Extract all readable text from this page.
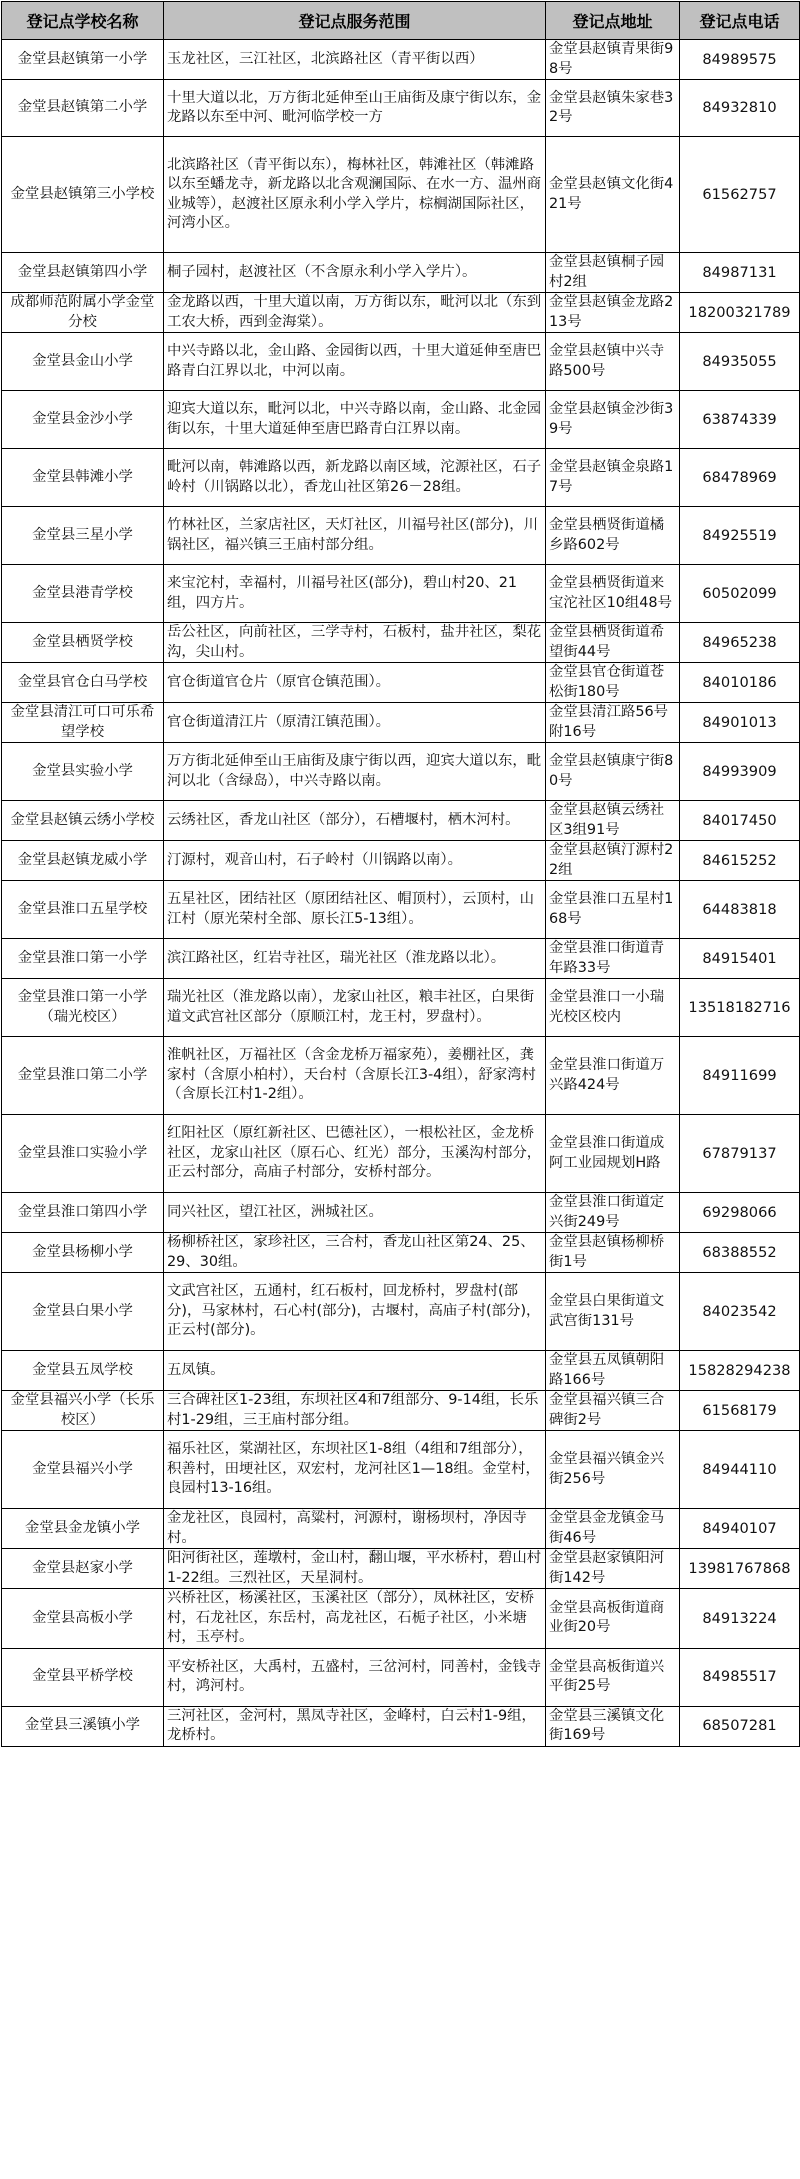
登记点学校名称	登记点服务范围	登记点地址	登记点电话
金堂县赵镇第一小学	玉龙社区，三江社区，北滨路社区（青平街以西）	金堂县赵镇青果街98号	84989575
金堂县赵镇第二小学	十里大道以北，万方街北延伸至山王庙街及康宁街以东，金龙路以东至中河、毗河临学校一方	金堂县赵镇朱家巷32号	84932810
金堂县赵镇第三小学校	北滨路社区（青平街以东），梅林社区，韩滩社区（韩滩路以东至蟠龙寺，新龙路以北含观澜国际、在水一方、温州商业城等），赵渡社区原永利小学入学片，棕榈湖国际社区，河湾小区。	金堂县赵镇文化街421号	61562757
金堂县赵镇第四小学	桐子园村，赵渡社区（不含原永利小学入学片）。	金堂县赵镇桐子园村2组	84987131
成都师范附属小学金堂分校	金龙路以西，十里大道以南，万方街以东，毗河以北（东到工农大桥，西到金海棠）。	金堂县赵镇金龙路213号	18200321789
金堂县金山小学	中兴寺路以北，金山路、金园街以西，十里大道延伸至唐巴路青白江界以北，中河以南。	金堂县赵镇中兴寺路500号	84935055
金堂县金沙小学	迎宾大道以东，毗河以北，中兴寺路以南，金山路、北金园街以东，十里大道延伸至唐巴路青白江界以南。	金堂县赵镇金沙街39号	63874339
金堂县韩滩小学	毗河以南，韩滩路以西，新龙路以南区域，沱源社区，石子岭村（川锅路以北），香龙山社区第26－28组。	金堂县赵镇金泉路17号	68478969
金堂县三星小学	竹林社区，兰家店社区，天灯社区，川福号社区(部分)，川锅社区，福兴镇三王庙村部分组。	金堂县栖贤街道橘乡路602号	84925519
金堂县港青学校	来宝沱村，幸福村，川福号社区(部分)，碧山村20、21组，四方片。	金堂县栖贤街道来宝沱社区10组48号	60502099
金堂县栖贤学校	岳公社区，向前社区，三学寺村，石板村，盐井社区，梨花沟，尖山村。	金堂县栖贤街道希望街44号	84965238
金堂县官仓白马学校	官仓街道官仓片（原官仓镇范围）。	金堂县官仓街道苍松街180号	84010186
金堂县清江可口可乐希望学校	官仓街道清江片（原清江镇范围）。	金堂县清江路56号附16号	84901013
金堂县实验小学	万方街北延伸至山王庙街及康宁街以西，迎宾大道以东，毗河以北（含绿岛），中兴寺路以南。	金堂县赵镇康宁街80号	84993909
金堂县赵镇云绣小学校	云绣社区，香龙山社区（部分），石槽堰村，栖木河村。	金堂县赵镇云绣社区3组91号	84017450
金堂县赵镇龙威小学	汀源村，观音山村，石子岭村（川锅路以南）。	金堂县赵镇汀源村22组	84615252
金堂县淮口五星学校	五星社区，团结社区（原团结社区、帽顶村），云顶村，山江村（原光荣村全部、原长江5-13组）。	金堂县淮口五星村168号	64483818
金堂县淮口第一小学	滨江路社区，红岩寺社区，瑞光社区（淮龙路以北）。	金堂县淮口街道青年路33号	84915401
金堂县淮口第一小学（瑞光校区）	瑞光社区（淮龙路以南），龙家山社区，粮丰社区，白果街道文武宫社区部分（原顺江村，龙王村，罗盘村）。	金堂县淮口一小瑞光校区校内	13518182716
金堂县淮口第二小学	淮帆社区，万福社区（含金龙桥万福家苑），姜棚社区，龚家村（含原小柏村），天台村（含原长江3-4组），舒家湾村（含原长江村1-2组）。	金堂县淮口街道万兴路424号	84911699
金堂县淮口实验小学	红阳社区（原红新社区、巴德社区），一根松社区，金龙桥社区，龙家山社区（原石心、红光）部分，玉溪沟村部分，正云村部分，高庙子村部分，安桥村部分。	金堂县淮口街道成阿工业园规划H路	67879137
金堂县淮口第四小学	同兴社区，望江社区，洲城社区。	金堂县淮口街道定兴街249号	69298066
金堂县杨柳小学	杨柳桥社区，家珍社区，三合村，香龙山社区第24、25、29、30组。	金堂县赵镇杨柳桥街1号	68388552
金堂县白果小学	文武宫社区，五通村，红石板村，回龙桥村，罗盘村(部分)，马家林村，石心村(部分)，古堰村，高庙子村(部分)，正云村(部分)。	金堂县白果街道文武宫街131号	84023542
金堂县五凤学校	五凤镇。	金堂县五凤镇朝阳路166号	15828294238
金堂县福兴小学（长乐校区）	三合碑社区1-23组，东坝社区4和7组部分、9-14组，长乐村1-29组，三王庙村部分组。	金堂县福兴镇三合碑街2号	61568179
金堂县福兴小学	福乐社区，棠湖社区，东坝社区1-8组（4组和7组部分），积善村，田埂社区，双宏村，龙河社区1—18组。金堂村，良园村13-16组。	金堂县福兴镇金兴街256号	84944110
金堂县金龙镇小学	金龙社区，良园村，高粱村，河源村，谢杨坝村，净因寺村。	金堂县金龙镇金马街46号	84940107
金堂县赵家小学	阳河街社区，莲墩村，金山村，翻山堰，平水桥村，碧山村1-22组。三烈社区，天星洞村。	金堂县赵家镇阳河街142号	13981767868
金堂县高板小学	兴桥社区，杨溪社区，玉溪社区（部分），凤林社区，安桥村，石龙社区，东岳村，高龙社区，石栀子社区，小米塘村，玉亭村。	金堂县高板街道商业街20号	84913224
金堂县平桥学校	平安桥社区，大禹村，五盛村，三岔河村，同善村，金钱寺村，鸿河村。	金堂县高板街道兴平街25号	84985517
金堂县三溪镇小学	三河社区，金河村，黑凤寺社区，金峰村，白云村1-9组，龙桥村。	金堂县三溪镇文化街169号	68507281
